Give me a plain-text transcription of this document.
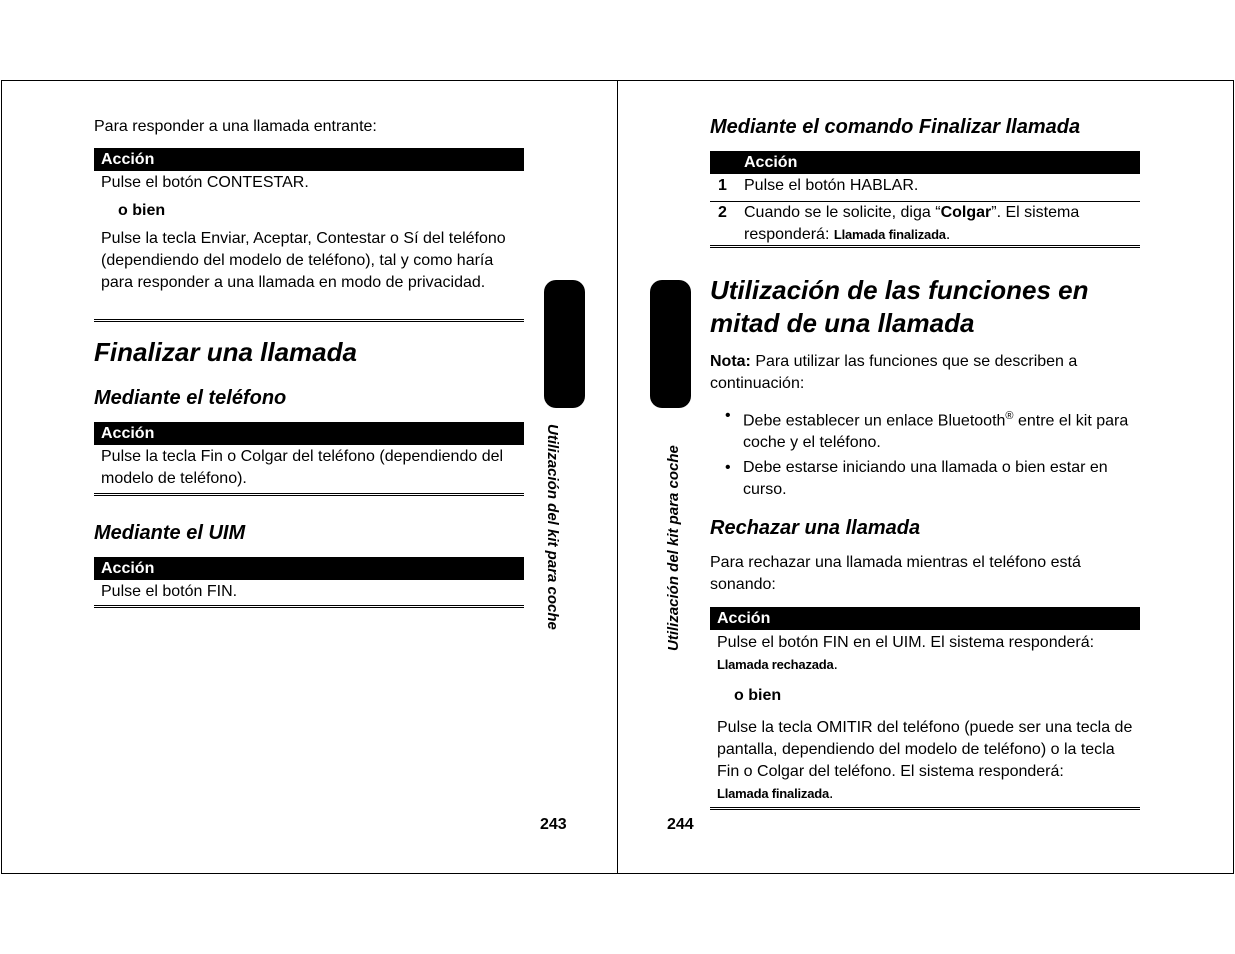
Para responder a una llamada entrante:
Acción
Pulse el botón CONTESTAR.
o bien
Pulse la tecla Enviar, Aceptar, Contestar o Sí del teléfono (dependiendo del modelo de teléfono), tal y como haría para responder a una llamada en modo de privacidad.
Finalizar una llamada
Mediante el teléfono
Acción
Pulse la tecla Fin o Colgar del teléfono (dependiendo del modelo de teléfono).
Mediante el UIM
Acción
Pulse el botón FIN.	Utilización del kit para coche
243
Utilización del kit para coche
Mediante el comando Finalizar llamada
Acción
1 Pulse el botón HABLAR.
2 Cuando se le solicite, diga “Colgar”. El sistema
responderá: Llamada finalizada.
Utilización de las funciones en
mitad de una llamada
Nota: Para utilizar las funciones que se describen a continuación:
• Debe establecer un enlace Bluetooth® entre el kit para coche y el teléfono.
• Debe estarse iniciando una llamada o bien estar en curso.
Rechazar una llamada
Para rechazar una llamada mientras el teléfono está sonando:
Acción
Pulse el botón FIN en el UIM. El sistema responderá:
Llamada rechazada.
o bien
Pulse la tecla OMITIR del teléfono (puede ser una tecla de pantalla, dependiendo del modelo de teléfono) o la tecla Fin o Colgar del teléfono. El sistema responderá:
Llamada finalizada.
244
